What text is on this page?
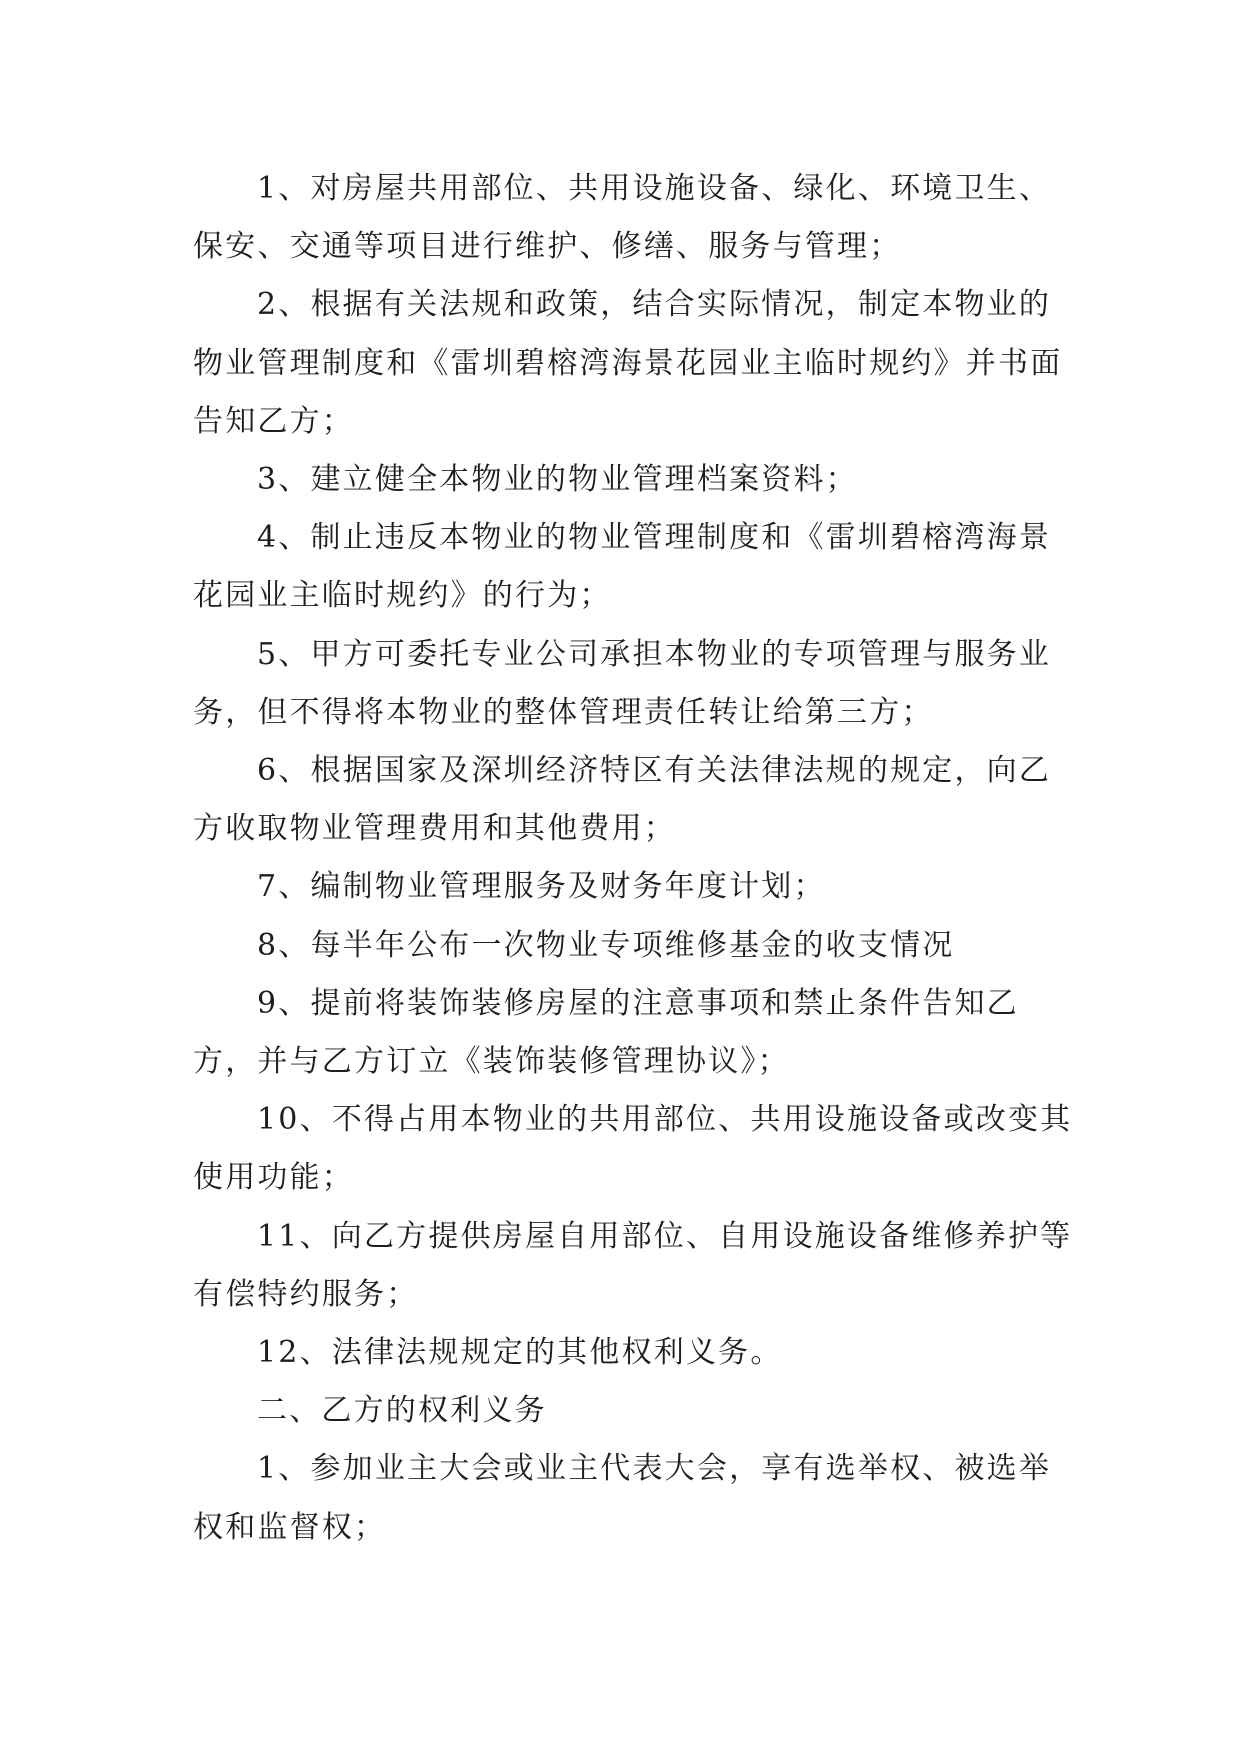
1、对房屋共用部位、共用设施设备、绿化、环境卫生、保安、交通等项目进行维护、修缮、服务与管理；

2、根据有关法规和政策，结合实际情况，制定本物业的物业管理制度和《雷圳碧榕湾海景花园业主临时规约》并书面告知乙方；

3、建立健全本物业的物业管理档案资料；

4、制止违反本物业的物业管理制度和《雷圳碧榕湾海景花园业主临时规约》的行为；

5、甲方可委托专业公司承担本物业的专项管理与服务业务，但不得将本物业的整体管理责任转让给第三方；

6、根据国家及深圳经济特区有关法律法规的规定，向乙方收取物业管理费用和其他费用；

7、编制物业管理服务及财务年度计划；

8、每半年公布一次物业专项维修基金的收支情况

9、提前将装饰装修房屋的注意事项和禁止条件告知乙方，并与乙方订立《装饰装修管理协议》；

10、不得占用本物业的共用部位、共用设施设备或改变其使用功能；

11、向乙方提供房屋自用部位、自用设施设备维修养护等有偿特约服务；

12、法律法规规定的其他权利义务。

二、乙方的权利义务

1、参加业主大会或业主代表大会，享有选举权、被选举权和监督权；
